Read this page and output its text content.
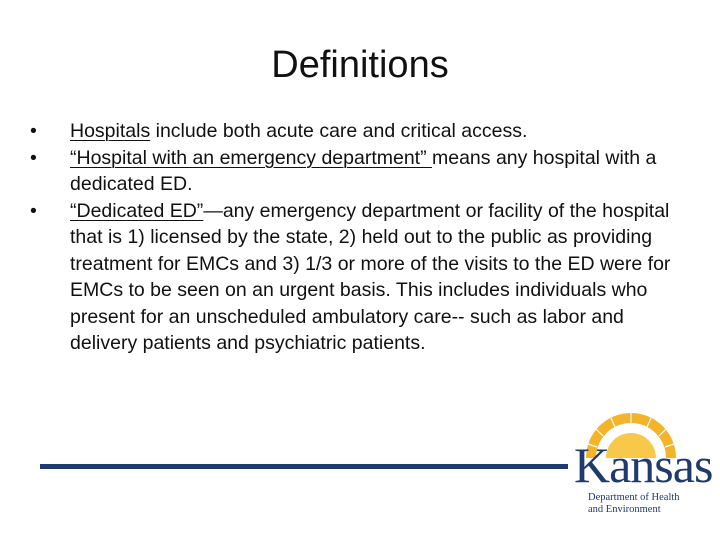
Definitions
•	Hospitals include both acute care and critical access.
•	“Hospital with an emergency department” means any hospital with a dedicated ED.
•	“Dedicated ED”—any emergency department or facility of the hospital that is 1) licensed by the state, 2) held out to the public as providing treatment for EMCs and 3) 1/3 or more of the visits to the ED were for EMCs to be seen on an urgent basis. This includes individuals who present for an unscheduled ambulatory care-- such as labor and delivery patients and psychiatric patients.
Kansas
Department of Health
and Environment
